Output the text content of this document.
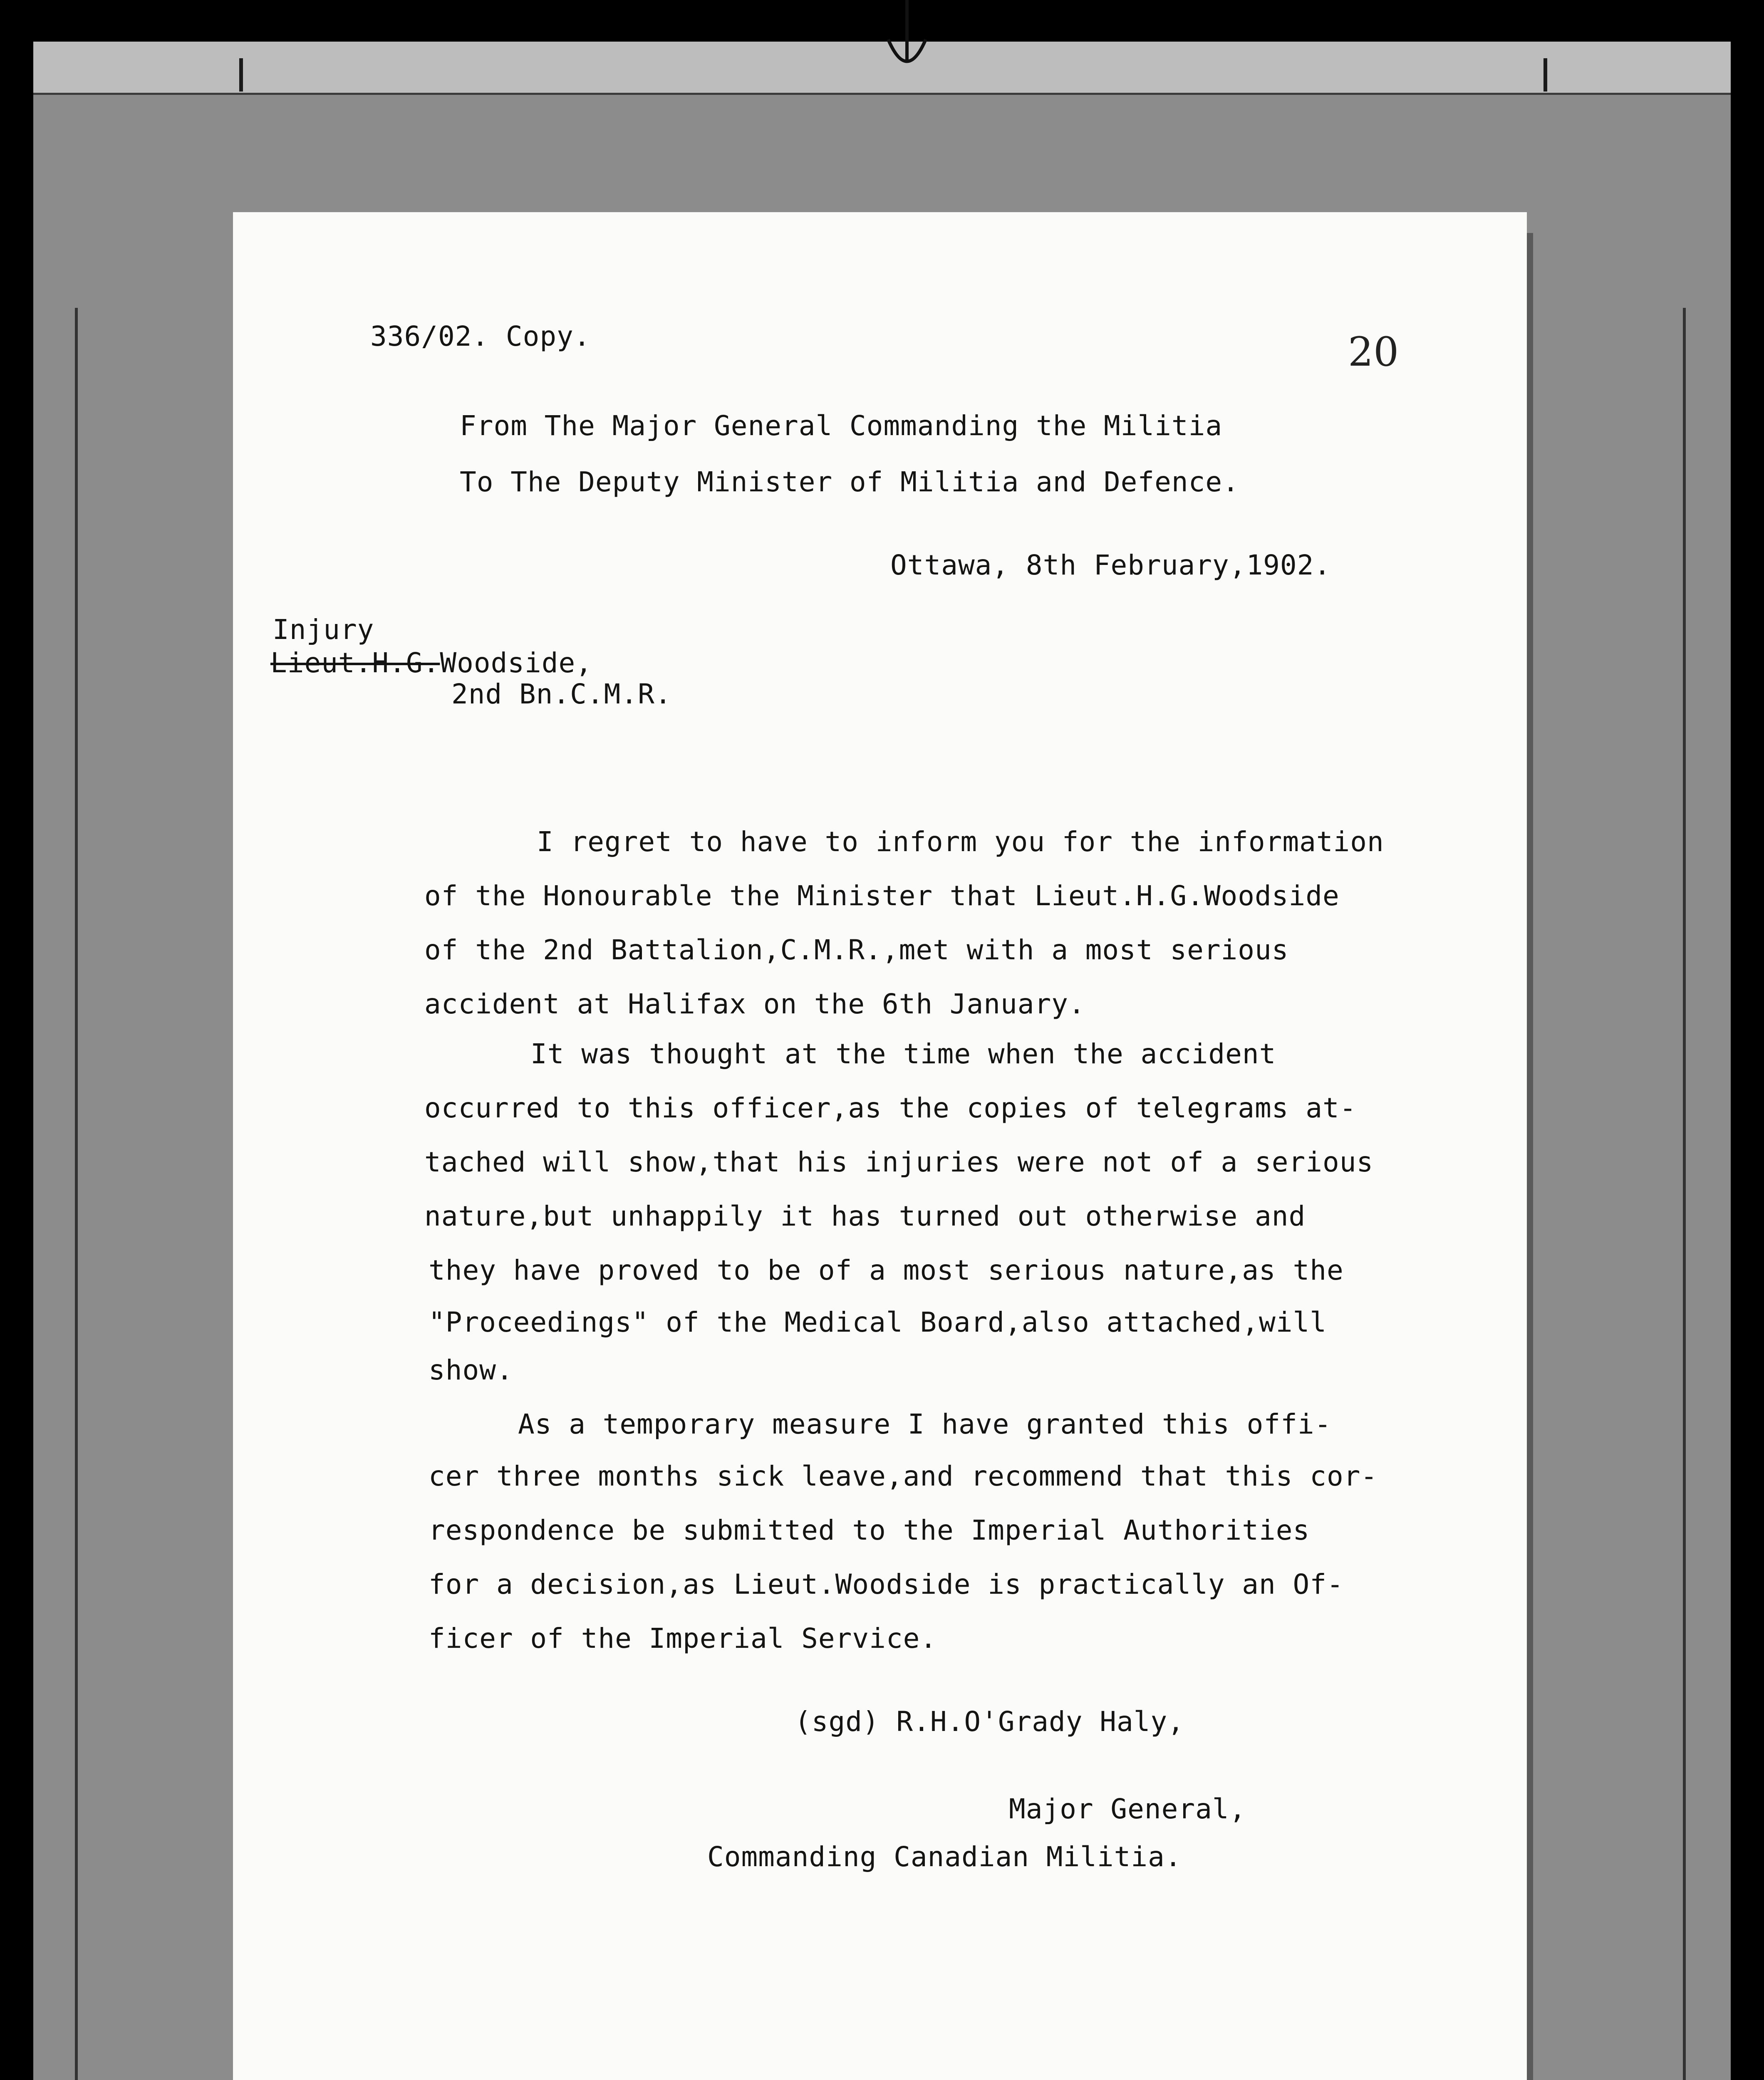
336/02. Copy.	20
From The Major General Commanding the Militia
To The Deputy Minister of Militia and Defence.
Ottawa, 8th February,1902.
Injury
Lieut.H.G.Woodside,
2nd Bn.C.M.R.
I regret to have to inform you for the information
of the Honourable the Minister that Lieut.H.G.Woodside
of the 2nd Battalion,C.M.R.,met with a most serious
accident at Halifax on the 6th January.
It was thought at the time when the accident
occurred to this officer,as the copies of telegrams at-
tached will show,that his injuries were not of a serious
nature,but unhappily it has turned out otherwise and
they have proved to be of a most serious nature,as the
"Proceedings" of the Medical Board,also attached,will
show.
As a temporary measure I have granted this offi-
cer three months sick leave,and recommend that this cor-
respondence be submitted to the Imperial Authorities
for a decision,as Lieut.Woodside is practically an Of-
ficer of the Imperial Service.
(sgd) R.H.O'Grady Haly,
Major General,
Commanding Canadian Militia.
